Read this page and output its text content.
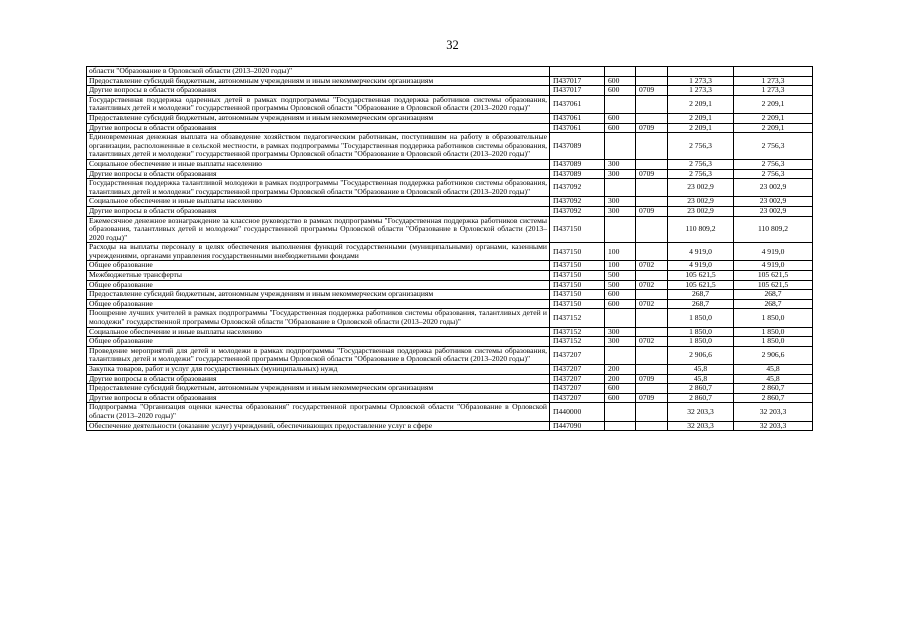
32
области "Образование в Орловской области (2013–2020 годы)"					
Предоставление субсидий бюджетным, автономным учреждениям и иным некоммерческим организациям	П437017	600		1 273,3	1 273,3
Другие вопросы в области образования	П437017	600	0709	1 273,3	1 273,3
Государственная поддержка одаренных детей в рамках подпрограммы "Государственная поддержка работников системы образования, талантливых детей и молодежи" государственной программы Орловской области "Образование в Орловской области (2013–2020 годы)"	П437061			2 209,1	2 209,1
Предоставление субсидий бюджетным, автономным учреждениям и иным некоммерческим организациям	П437061	600		2 209,1	2 209,1
Другие вопросы в области образования	П437061	600	0709	2 209,1	2 209,1
Единовременная денежная выплата на обзаведение хозяйством педагогическим работникам, поступившим на работу в образовательные организации, расположенные в сельской местности, в рамках подпрограммы "Государственная поддержка работников системы образования, талантливых детей и молодежи" государственной программы Орловской области "Образование в Орловской области (2013–2020 годы)"	П437089			2 756,3	2 756,3
Социальное обеспечение и иные выплаты населению	П437089	300		2 756,3	2 756,3
Другие вопросы в области образования	П437089	300	0709	2 756,3	2 756,3
Государственная поддержка талантливой молодежи в рамках подпрограммы "Государственная поддержка работников системы образования, талантливых детей и молодежи" государственной программы Орловской области "Образование в Орловской области (2013–2020 годы)"	П437092			23 002,9	23 002,9
Социальное обеспечение и иные выплаты населению	П437092	300		23 002,9	23 002,9
Другие вопросы в области образования	П437092	300	0709	23 002,9	23 002,9
Ежемесячное денежное вознаграждение за классное руководство в рамках подпрограммы "Государственная поддержка работников системы образования, талантливых детей и молодежи" государственной программы Орловской области "Образование в Орловской области (2013–2020 годы)"	П437150			110 809,2	110 809,2
Расходы на выплаты персоналу в целях обеспечения выполнения функций государственными (муниципальными) органами, казенными учреждениями, органами управления государственными внебюджетными фондами	П437150	100		4 919,0	4 919,0
Общее образование	П437150	100	0702	4 919,0	4 919,0
Межбюджетные трансферты	П437150	500		105 621,5	105 621,5
Общее образование	П437150	500	0702	105 621,5	105 621,5
Предоставление субсидий бюджетным, автономным учреждениям и иным некоммерческим организациям	П437150	600		268,7	268,7
Общее образование	П437150	600	0702	268,7	268,7
Поощрение лучших учителей в рамках подпрограммы "Государственная поддержка работников системы образования, талантливых детей и молодежи" государственной программы Орловской области "Образование в Орловской области (2013–2020 годы)"	П437152			1 850,0	1 850,0
Социальное обеспечение и иные выплаты населению	П437152	300		1 850,0	1 850,0
Общее образование	П437152	300	0702	1 850,0	1 850,0
Проведение мероприятий для детей и молодежи в рамках подпрограммы "Государственная поддержка работников системы образования, талантливых детей и молодежи" государственной программы Орловской области "Образование в Орловской области (2013–2020 годы)"	П437207			2 906,6	2 906,6
Закупка товаров, работ и услуг для государственных (муниципальных) нужд	П437207	200		45,8	45,8
Другие вопросы в области образования	П437207	200	0709	45,8	45,8
Предоставление субсидий бюджетным, автономным учреждениям и иным некоммерческим организациям	П437207	600		2 860,7	2 860,7
Другие вопросы в области образования	П437207	600	0709	2 860,7	2 860,7
Подпрограмма "Организация оценки качества образования" государственной программы Орловской области "Образование в Орловской области (2013–2020 годы)"	П440000			32 203,3	32 203,3
Обеспечение деятельности (оказание услуг) учреждений, обеспечивающих предоставление услуг в сфере	П447090			32 203,3	32 203,3
